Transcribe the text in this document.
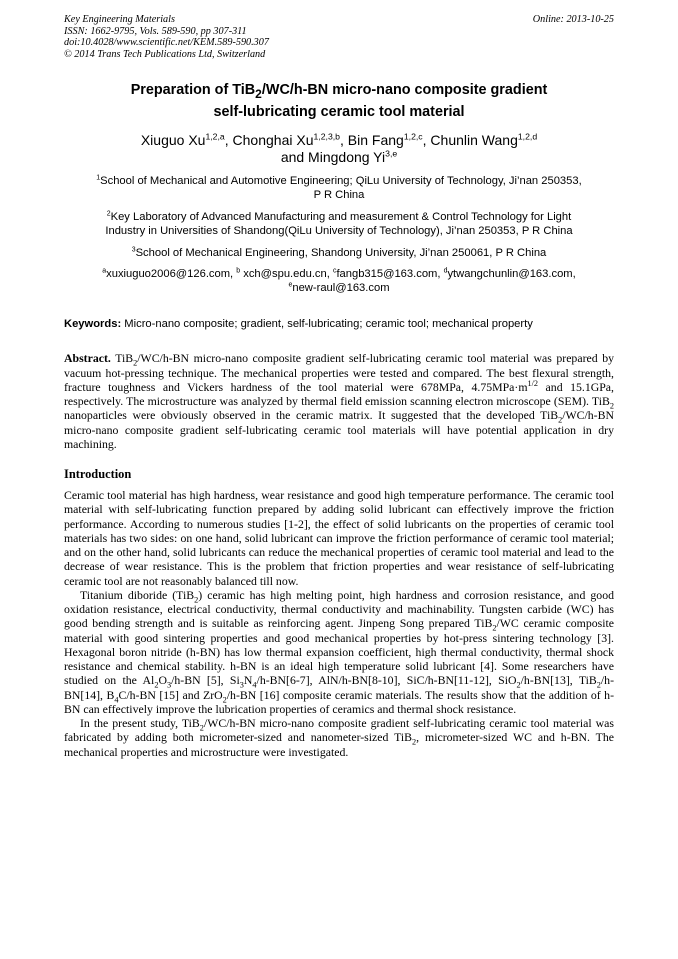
Key Engineering Materials
ISSN: 1662-9795, Vols. 589-590, pp 307-311
doi:10.4028/www.scientific.net/KEM.589-590.307
© 2014 Trans Tech Publications Ltd, Switzerland
Online: 2013-10-25
Preparation of TiB$_2$/WC/h-BN micro-nano composite gradient
self-lubricating ceramic tool material
Xiuguo Xu$^{1,2,a}$, Chonghai Xu$^{1,2,3,b}$, Bin Fang$^{1,2,c}$, Chunlin Wang$^{1,2,d}$
and Mingdong Yi$^{3,e}$
$^1$School of Mechanical and Automotive Engineering; QiLu University of Technology, Ji’nan 250353,
P R China
$^2$Key Laboratory of Advanced Manufacturing and measurement & Control Technology for Light
Industry in Universities of Shandong(QiLu University of Technology), Ji’nan 250353, P R China
$^3$School of Mechanical Engineering, Shandong University, Ji’nan 250061, P R China
$^a$xuxiuguo2006@126.com, $^b$ xch@spu.edu.cn, $^c$fangb315@163.com, $^d$ytwangchunlin@163.com,
$^e$new-raul@163.com
Keywords: Micro-nano composite; gradient, self-lubricating; ceramic tool; mechanical property
Abstract. TiB$_2$/WC/h-BN micro-nano composite gradient self-lubricating ceramic tool material was prepared by vacuum hot-pressing technique. The mechanical properties were tested and compared. The best flexural strength, fracture toughness and Vickers hardness of the tool material were 678MPa, $4.75MPa\cdot m^{1/2}$ and 15.1GPa, respectively. The microstructure was analyzed by thermal field emission scanning electron microscope (SEM). TiB$_2$ nanoparticles were obviously observed in the ceramic matrix. It suggested that the developed TiB$_2$/WC/h-BN micro-nano composite gradient self-lubricating ceramic tool materials will have potential application in dry machining.
Introduction
Ceramic tool material has high hardness, wear resistance and good high temperature performance. The ceramic tool material with self-lubricating function prepared by adding solid lubricant can effectively improve the friction performance. According to numerous studies [1-2], the effect of solid lubricants on the properties of ceramic tool materials has two sides: on one hand, solid lubricant can improve the friction performance of ceramic tool material; and on the other hand, solid lubricants can reduce the mechanical properties of ceramic tool material and lead to the decrease of wear resistance. This is the problem that friction properties and wear resistance of self-lubricating ceramic tool are not reasonably balanced till now.
Titanium diboride (TiB$_2$) ceramic has high melting point, high hardness and corrosion resistance, and good oxidation resistance, electrical conductivity, thermal conductivity and machinability. Tungsten carbide (WC) has good bending strength and is suitable as reinforcing agent. Jinpeng Song prepared TiB$_2$/WC ceramic composite material with good sintering properties and good mechanical properties by hot-press sintering technology [3]. Hexagonal boron nitride (h-BN) has low thermal expansion coefficient, high thermal conductivity, thermal shock resistance and chemical stability. h-BN is an ideal high temperature solid lubricant [4]. Some researchers have studied on the $Al_2O_3/h-BN$ [5], $Si_3N_4/h-BN[6-7]$, AlN/h-BN[8-10], SiC/h-BN[11-12], SiO$_2$/h-BN[13], TiB$_2$/h-BN[14], $B_4C/h-BN$ [15] and ZrO$_2$/h-BN [16] composite ceramic materials. The results show that the addition of h-BN can effectively improve the lubrication properties of ceramics and thermal shock resistance.
In the present study, TiB$_2$/WC/h-BN micro-nano composite gradient self-lubricating ceramic tool material was fabricated by adding both micrometer-sized and nanometer-sized TiB$_2$, micrometer-sized WC and h-BN. The mechanical properties and microstructure were investigated.
